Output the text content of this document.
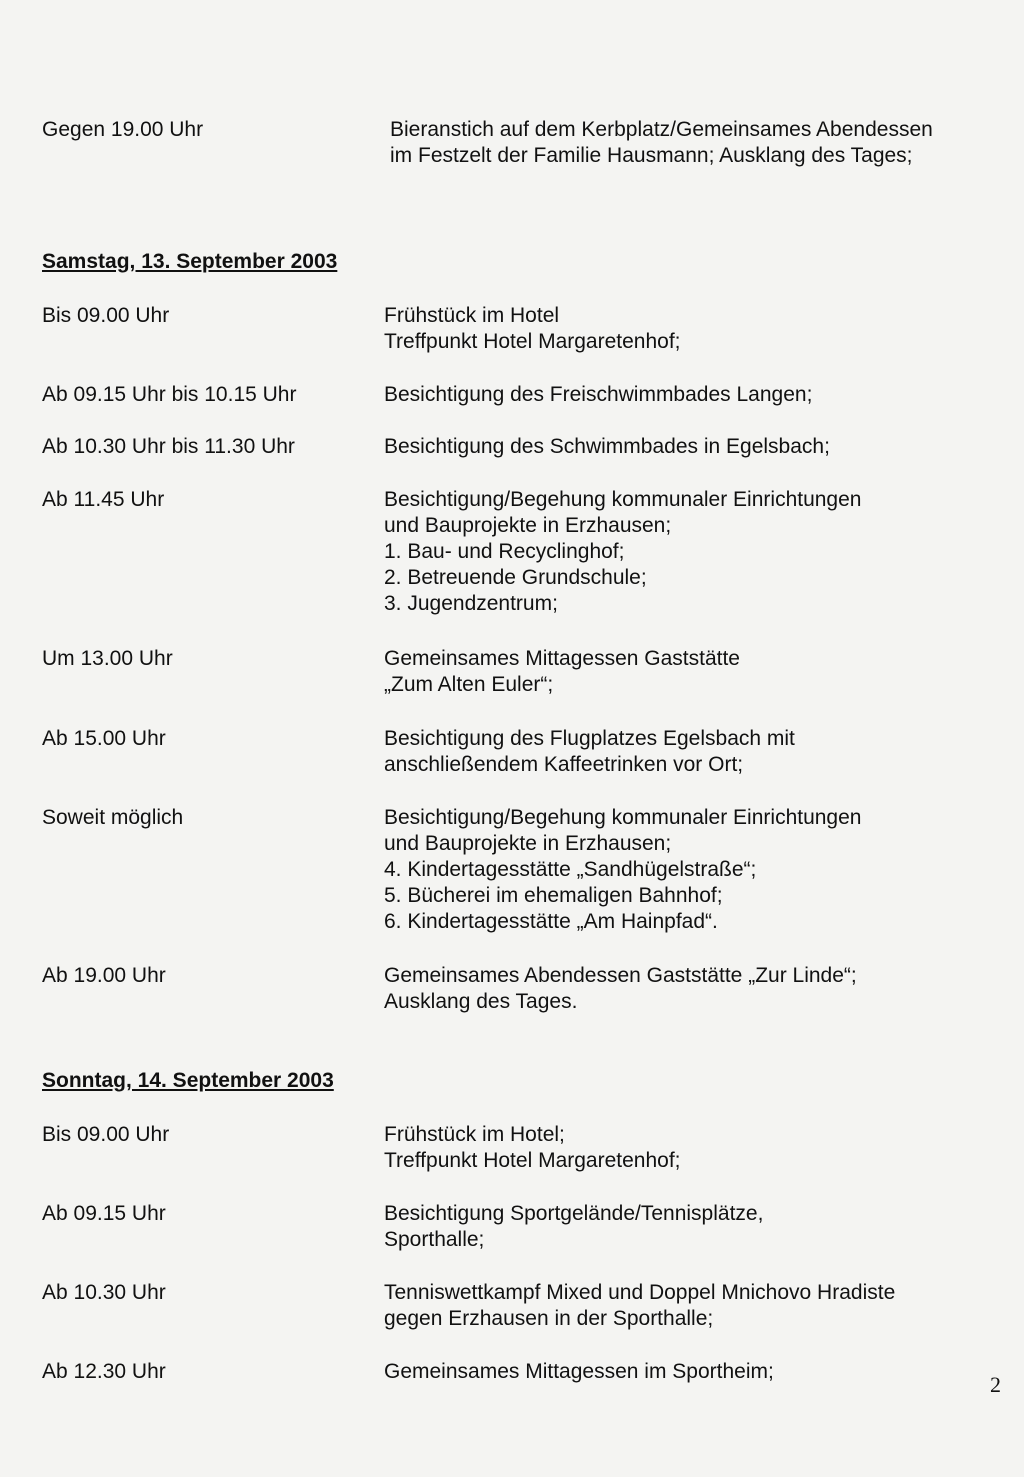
Gegen 19.00 Uhr	Bieranstich auf dem Kerbplatz/Gemeinsames Abendessen
im Festzelt der Familie Hausmann; Ausklang des Tages;
Samstag, 13. September 2003
Bis 09.00 Uhr	Frühstück im Hotel
Treffpunkt Hotel Margaretenhof;
Ab 09.15 Uhr bis 10.15 Uhr	Besichtigung des Freischwimmbades Langen;
Ab 10.30 Uhr bis 11.30 Uhr	Besichtigung des Schwimmbades in Egelsbach;
Ab 11.45 Uhr	Besichtigung/Begehung kommunaler Einrichtungen
und Bauprojekte in Erzhausen;
1. Bau- und Recyclinghof;
2. Betreuende Grundschule;
3. Jugendzentrum;
Um 13.00 Uhr	Gemeinsames Mittagessen Gaststätte
„Zum Alten Euler“;
Ab 15.00 Uhr	Besichtigung des Flugplatzes Egelsbach mit
anschließendem Kaffeetrinken vor Ort;
Soweit möglich	Besichtigung/Begehung kommunaler Einrichtungen
und Bauprojekte in Erzhausen;
4. Kindertagesstätte „Sandhügelstraße“;
5. Bücherei im ehemaligen Bahnhof;
6. Kindertagesstätte „Am Hainpfad“.
Ab 19.00 Uhr	Gemeinsames Abendessen Gaststätte „Zur Linde“;
Ausklang des Tages.
Sonntag, 14. September 2003
Bis 09.00 Uhr	Frühstück im Hotel;
Treffpunkt Hotel Margaretenhof;
Ab 09.15 Uhr	Besichtigung Sportgelände/Tennisplätze,
Sporthalle;
Ab 10.30 Uhr	Tenniswettkampf Mixed und Doppel Mnichovo Hradiste
gegen Erzhausen in der Sporthalle;
Ab 12.30 Uhr	Gemeinsames Mittagessen im Sportheim;
2
